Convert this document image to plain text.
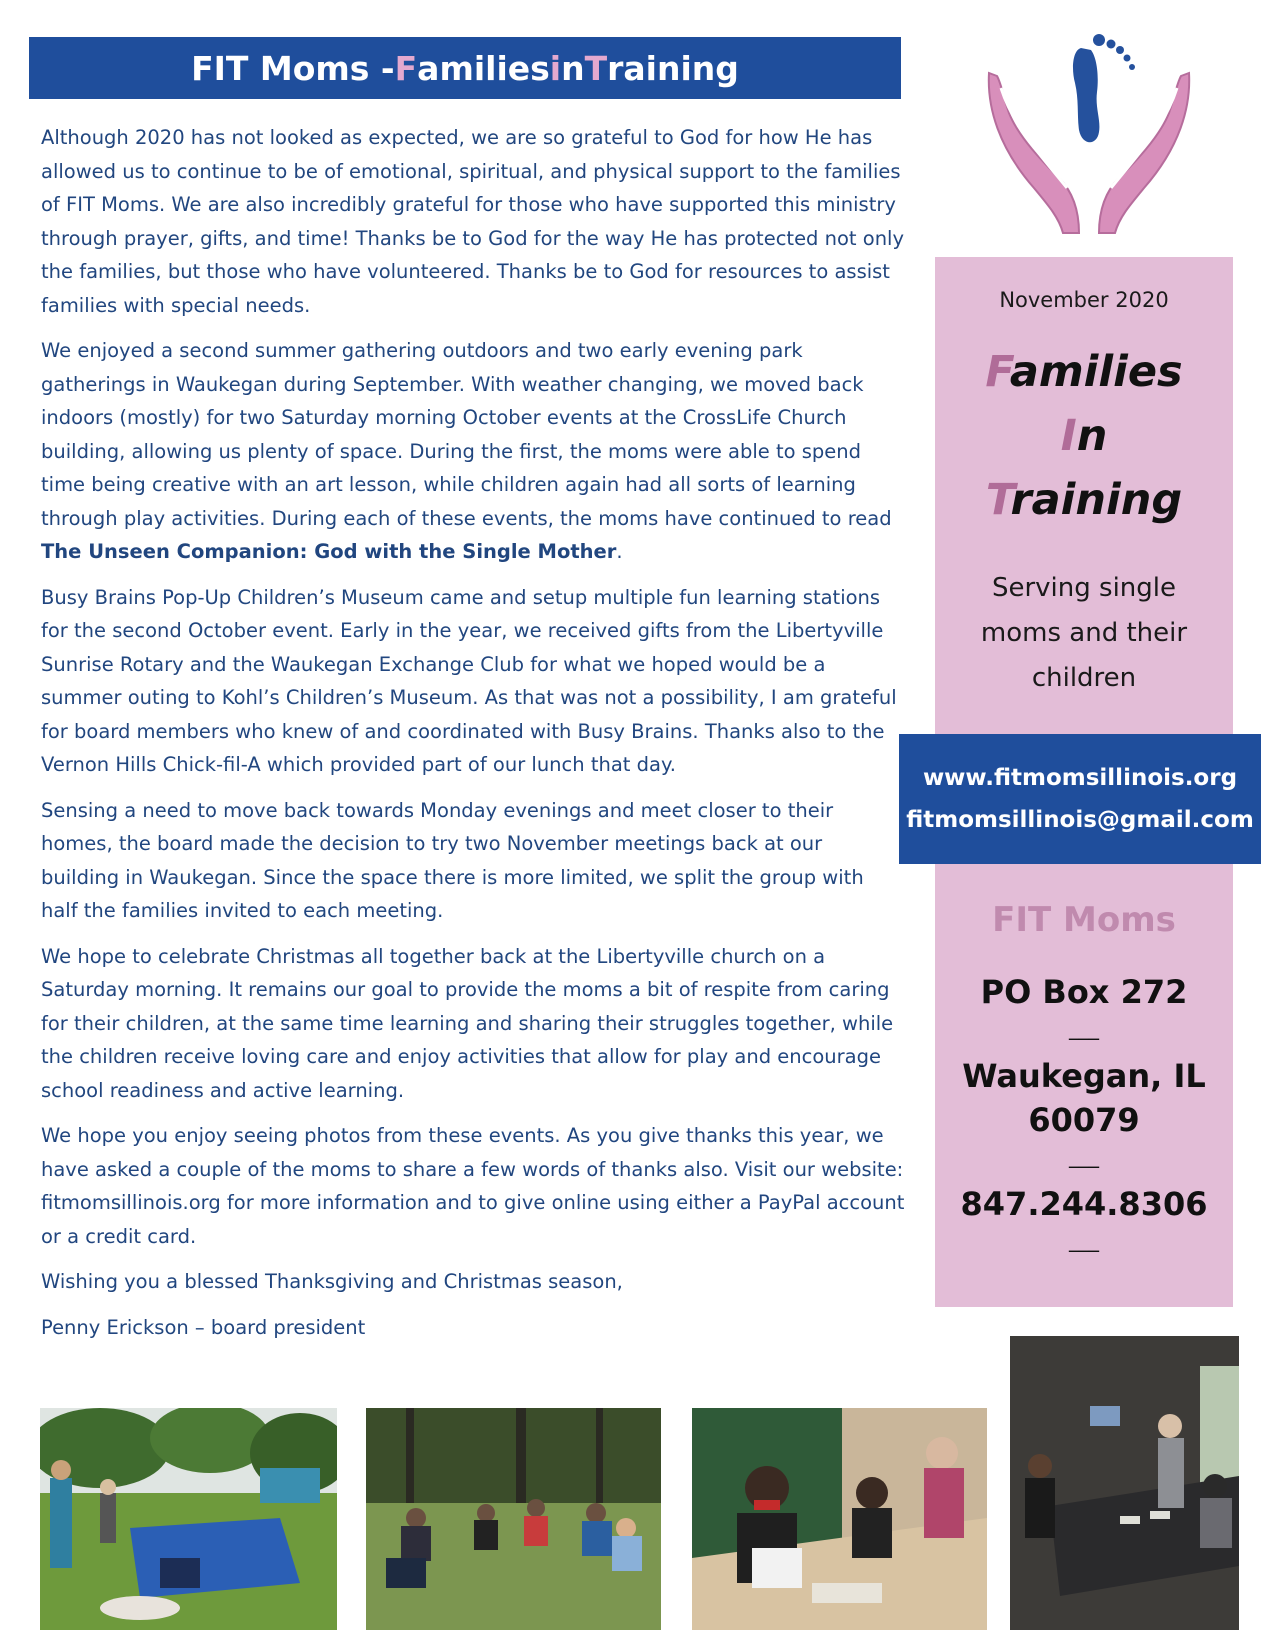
FIT Moms - F amilies i n T raining

Although 2020 has not looked as expected, we are so grateful to God for how He has allowed us to continue to be of emotional, spiritual, and physical support to the families of FIT Moms. We are also incredibly grateful for those who have supported this ministry through prayer, gifts, and time! Thanks be to God for the way He has protected not only the families, but those who have volunteered. Thanks be to God for resources to assist families with special needs.

We enjoyed a second summer gathering outdoors and two early evening park gatherings in Waukegan during September. With weather changing, we moved back indoors (mostly) for two Saturday morning October events at the CrossLife Church building, allowing us plenty of space. During the first, the moms were able to spend time being creative with an art lesson, while children again had all sorts of learning through play activities. During each of these events, the moms have continued to read The Unseen Companion: God with the Single Mother.

Busy Brains Pop-Up Children’s Museum came and setup multiple fun learning stations for the second October event. Early in the year, we received gifts from the Libertyville Sunrise Rotary and the Waukegan Exchange Club for what we hoped would be a summer outing to Kohl’s Children’s Museum. As that was not a possibility, I am grateful for board members who knew of and coordinated with Busy Brains. Thanks also to the Vernon Hills Chick-fil-A which provided part of our lunch that day.

Sensing a need to move back towards Monday evenings and meet closer to their homes, the board made the decision to try two November meetings back at our building in Waukegan. Since the space there is more limited, we split the group with half the families invited to each meeting.

We hope to celebrate Christmas all together back at the Libertyville church on a Saturday morning. It remains our goal to provide the moms a bit of respite from caring for their children, at the same time learning and sharing their struggles together, while the children receive loving care and enjoy activities that allow for play and encourage school readiness and active learning.

We hope you enjoy seeing photos from these events. As you give thanks this year, we have asked a couple of the moms to share a few words of thanks also. Visit our website: fitmomsillinois.org for more information and to give online using either a PayPal account or a credit card.

Wishing you a blessed Thanksgiving and Christmas season,

Penny Erickson – board president

November 2020
Families
In
Training
Serving single
moms and their
children
www.fitmomsillinois.org
fitmomsillinois@gmail.com
FIT Moms
PO Box 272
___
Waukegan, IL
60079
___
847.244.8306
___
